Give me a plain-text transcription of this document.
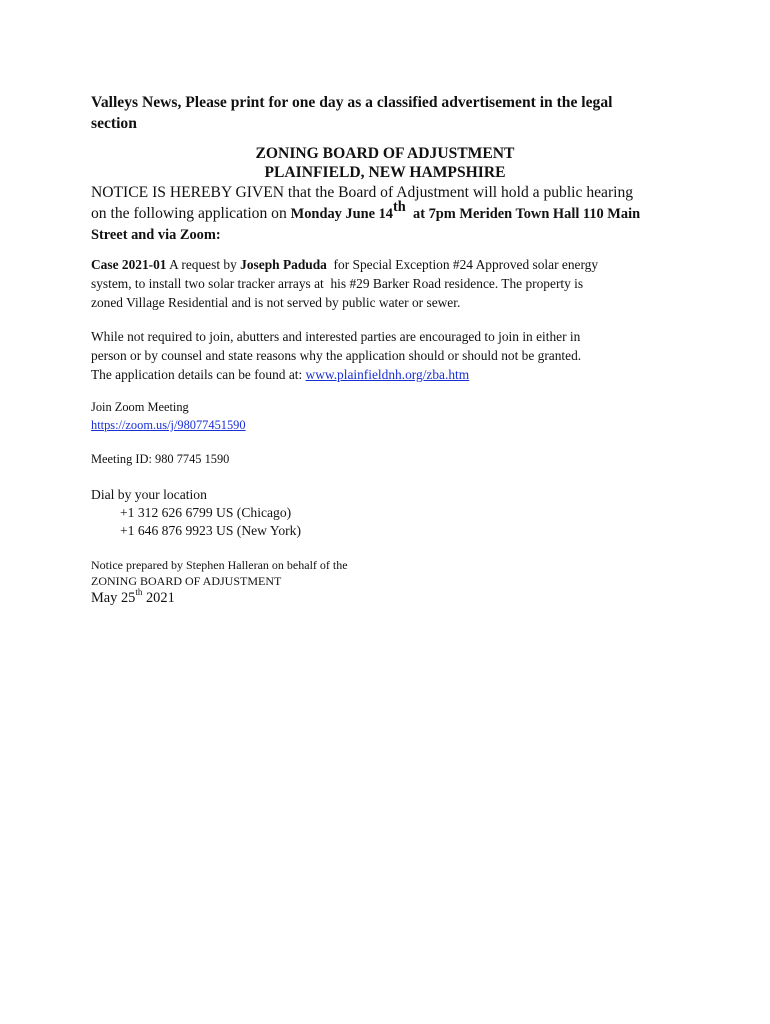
Valleys News, Please print for one day as a classified advertisement in the legal
section
ZONING BOARD OF ADJUSTMENT
PLAINFIELD, NEW HAMPSHIRE
NOTICE IS HEREBY GIVEN that the Board of Adjustment will hold a public hearing
on the following application on Monday June 14th  at 7pm Meriden Town Hall 110 Main
Street and via Zoom:
Case 2021-01 A request by Joseph Paduda  for Special Exception #24 Approved solar energy
system, to install two solar tracker arrays at  his #29 Barker Road residence. The property is
zoned Village Residential and is not served by public water or sewer.
While not required to join, abutters and interested parties are encouraged to join in either in
person or by counsel and state reasons why the application should or should not be granted.
The application details can be found at: www.plainfieldnh.org/zba.htm
Join Zoom Meeting
https://zoom.us/j/98077451590
Meeting ID: 980 7745 1590
Dial by your location
+1 312 626 6799 US (Chicago)
+1 646 876 9923 US (New York)
Notice prepared by Stephen Halleran on behalf of the
ZONING BOARD OF ADJUSTMENT
May 25th 2021
